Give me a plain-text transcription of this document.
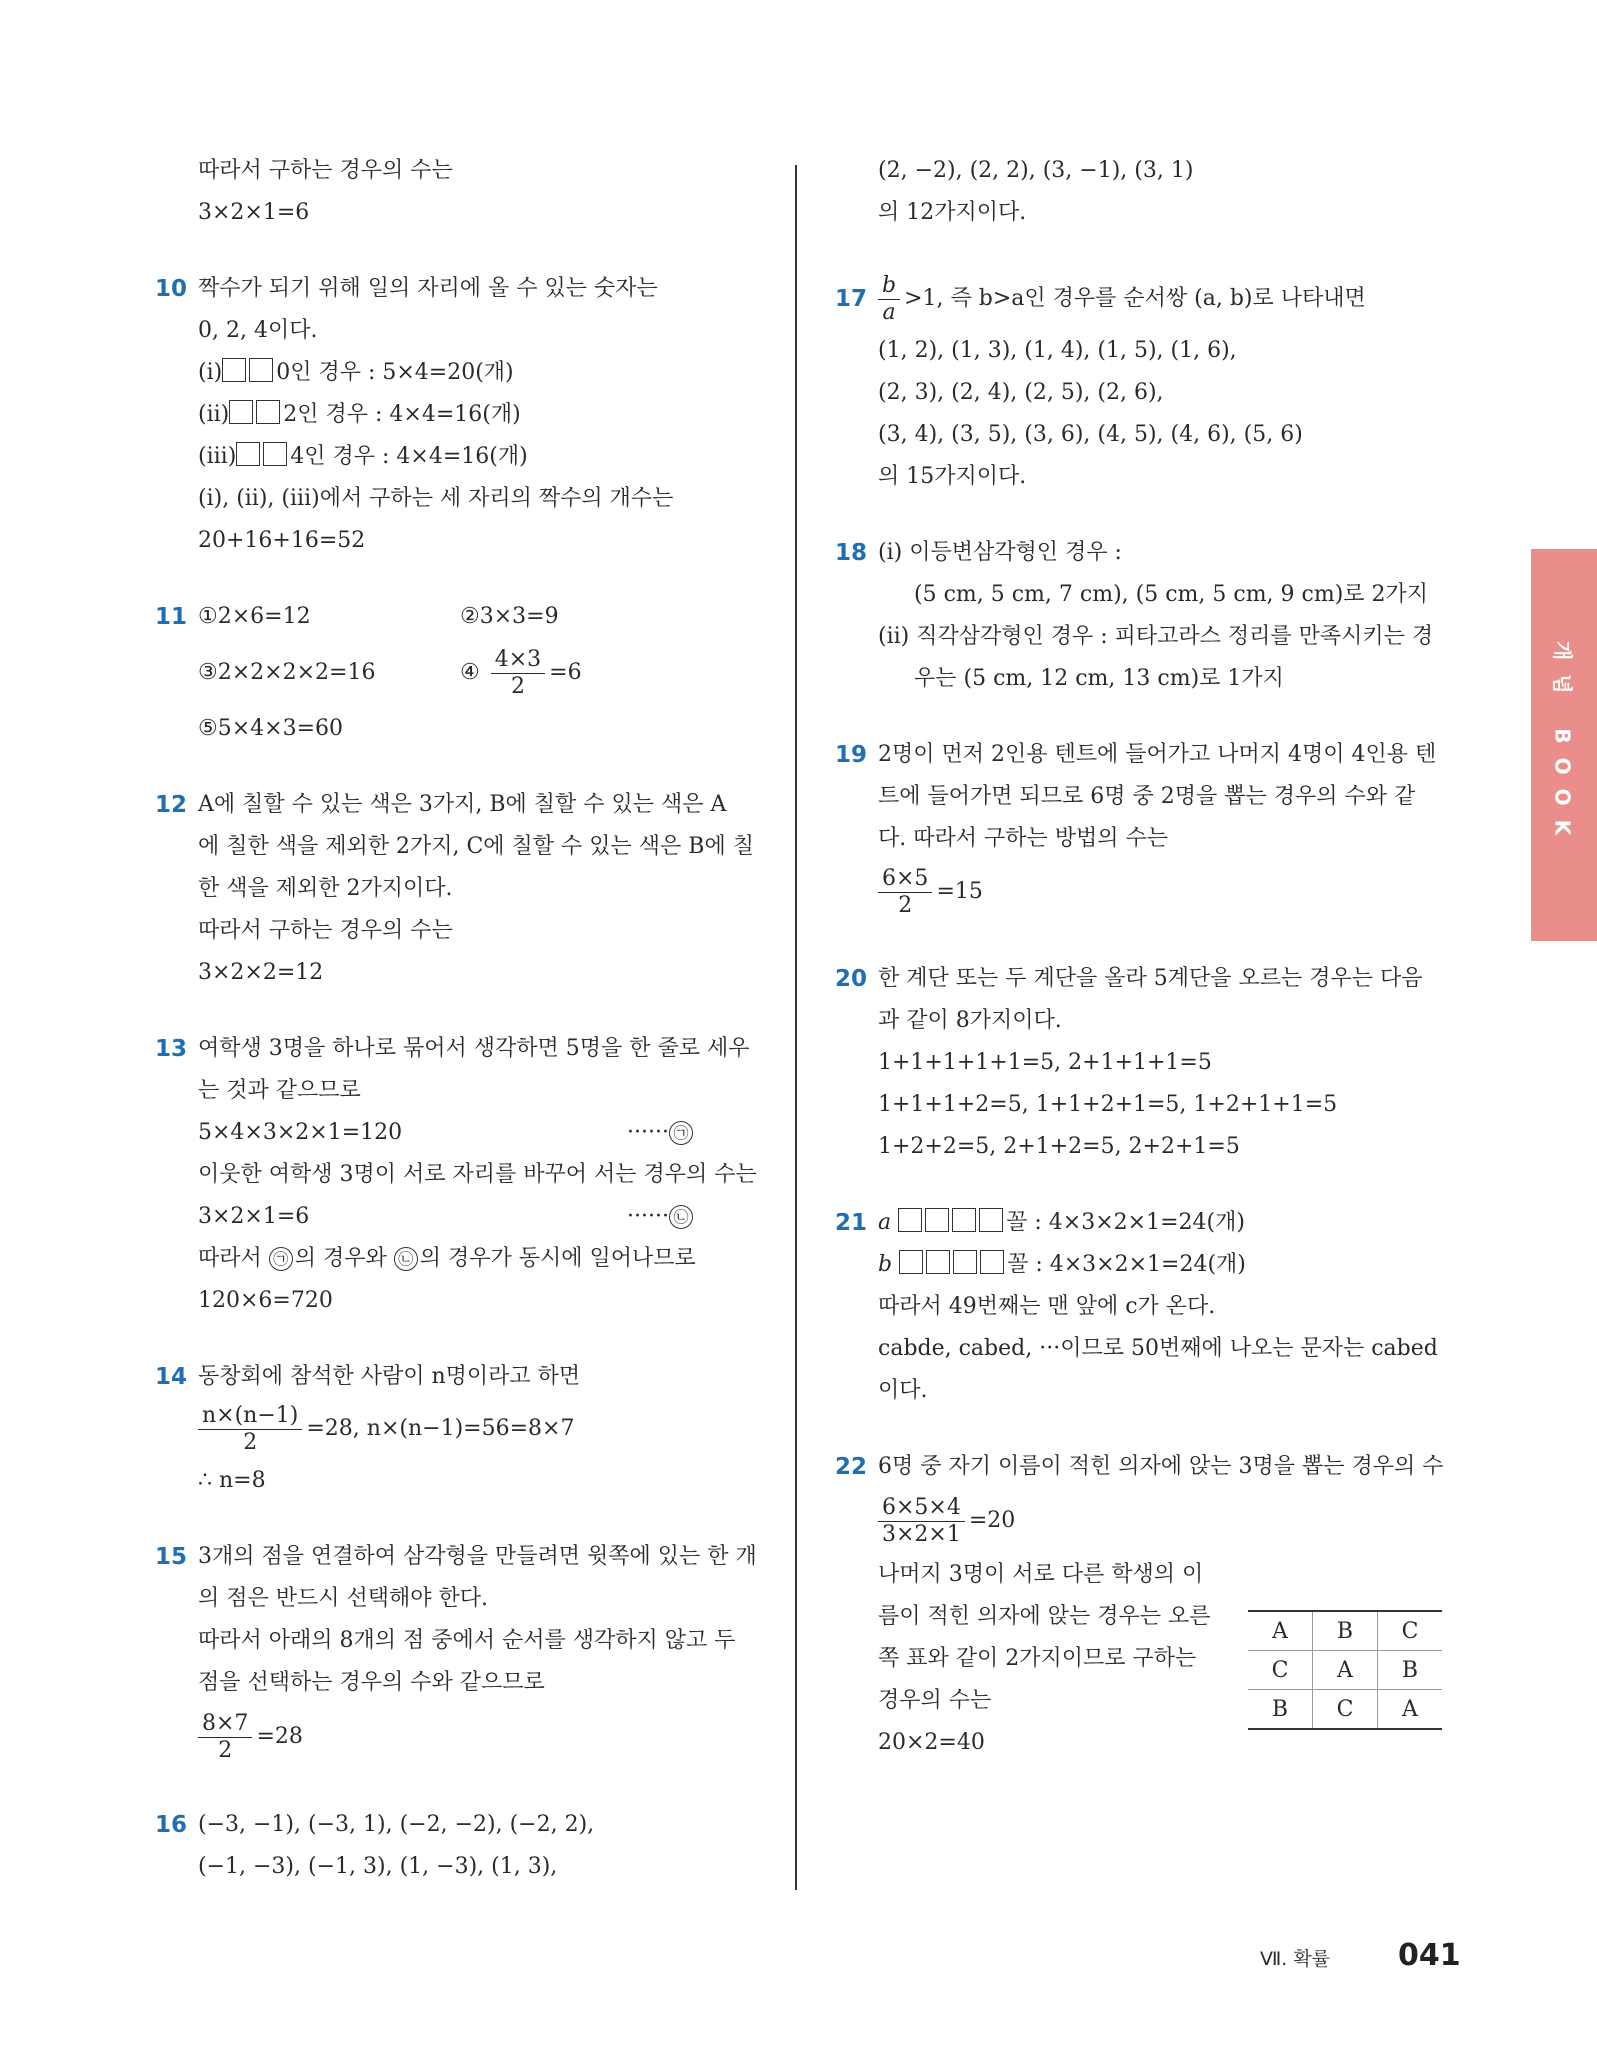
따라서 구하는 경우의 수는
3×2×1=6
10 짝수가 되기 위해 일의 자리에 올 수 있는 숫자는
0, 2, 4이다.
(i) 0인 경우 : 5×4=20(개)
(ii) 2인 경우 : 4×4=16(개)
(iii) 4인 경우 : 4×4=16(개)
(i), (ii), (iii)에서 구하는 세 자리의 짝수의 개수는
20+16+16=52
11 ①2×6=12	②3×3=9
③2×2×2×2=16	④ $\frac{4\times 3}{2} =6$
⑤5×4×3=60
12 A에 칠할 수 있는 색은 3가지, B에 칠할 수 있는 색은 A
에 칠한 색을 제외한 2가지, C에 칠할 수 있는 색은 B에 칠
한 색을 제외한 2가지이다.
따라서 구하는 경우의 수는
3×2×2=12
13 여학생 3명을 하나로 묶어서 생각하면 5명을 한 줄로 세우
는 것과 같으므로
5×4×3×2×1=120	······ ㉠
이웃한 여학생 3명이 서로 자리를 바꾸어 서는 경우의 수는
3×2×1=6	······ ㉡
따라서 ㉠ 의 경우와 ㉡ 의 경우가 동시에 일어나므로
120×6=720
14 동창회에 참석한 사람이 n명이라고 하면
$\frac{n\times(n-1)}{2} =28$, n×(n−1)=56=8×7
∴ n=8
15 3개의 점을 연결하여 삼각형을 만들려면 윗쪽에 있는 한 개
의 점은 반드시 선택해야 한다.
따라서 아래의 8개의 점 중에서 순서를 생각하지 않고 두
점을 선택하는 경우의 수와 같으므로
$\frac{8\times 7}{2} =28$
16 (−3, −1), (−3, 1), (−2, −2), (−2, 2),
(−1, −3), (−1, 3), (1, −3), (1, 3),
(2, −2), (2, 2), (3, −1), (3, 1)
의 12가지이다.
$17 \frac{b}{a} >1$, 즉 b>a인 경우를 순서쌍 (a, b)로 나타내면
(1, 2), (1, 3), (1, 4), (1, 5), (1, 6),
(2, 3), (2, 4), (2, 5), (2, 6),
(3, 4), (3, 5), (3, 6), (4, 5), (4, 6), (5, 6)
의 15가지이다.
18 (i) 이등변삼각형인 경우 :
(5 cm, 5 cm, 7 cm), (5 cm, 5 cm, 9 cm)로 2가지
(ii) 직각삼각형인 경우 : 피타고라스 정리를 만족시키는 경
우는 (5 cm, 12 cm, 13 cm)로 1가지
19 2명이 먼저 2인용 텐트에 들어가고 나머지 4명이 4인용 텐
트에 들어가면 되므로 6명 중 2명을 뽑는 경우의 수와 같
다. 따라서 구하는 방법의 수는
$\frac{6\times 5}{2} =15$
20 한 계단 또는 두 계단을 올라 5계단을 오르는 경우는 다음
과 같이 8가지이다.
1+1+1+1+1=5, 2+1+1+1=5
1+1+1+2=5, 1+1+2+1=5, 1+2+1+1=5
1+2+2=5, 2+1+2=5, 2+2+1=5
21 a	꼴 : 4×3×2×1=24(개)
b	꼴 : 4×3×2×1=24(개)
따라서 49번째는 맨 앞에 c가 온다.
cabde, cabed, ···이므로 50번째에 나오는 문자는 cabed
이다.
22 6명 중 자기 이름이 적힌 의자에 앉는 3명을 뽑는 경우의 수
$\frac{6\times 5\times 4}{3\times 2\times 1} =20$
나머지 3명이 서로 다른 학생의 이
름이 적힌 의자에 앉는 경우는 오른
쪽 표와 같이 2가지이므로 구하는
경우의 수는
20×2=40
A	B	C
C	A	B
B	C	A
개념 BOOK
Ⅶ. 확률 041
